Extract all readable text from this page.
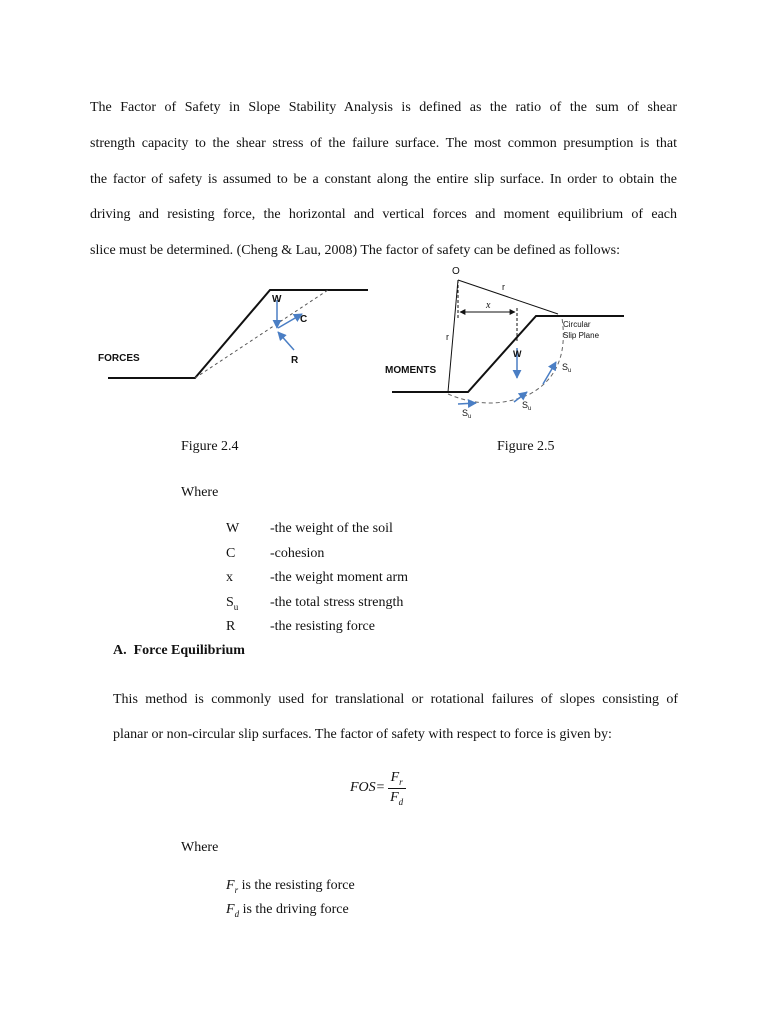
The Factor of Safety in Slope Stability Analysis is defined as the ratio of the sum of shear
strength capacity to the shear stress of the failure surface. The most common presumption is that
the factor of safety is assumed to be a constant along the entire slip surface. In order to obtain the
driving and resisting force, the horizontal and vertical forces and moment equilibrium of each
slice must be determined. (Cheng & Lau, 2008) The factor of safety can be defined as follows:
FORCES
W
C
R
O
r
r
x
W
MOMENTS
Circular
Slip Plane
$S_u$
$S_u$
$S_u$
Figure 2.4	Figure 2.5
Where
W	-the weight of the soil
C	-cohesion
x	-the weight moment arm
$S_u$	-the total stress strength
R	-the resisting force
A. Force Equilibrium
This method is commonly used for translational or rotational failures of slopes consisting of
planar or non-circular slip surfaces. The factor of safety with respect to force is given by:
$FOS= \frac{F_r}{F_d}$
Where
$F_r$ is the resisting force
$F_d$ is the driving force
